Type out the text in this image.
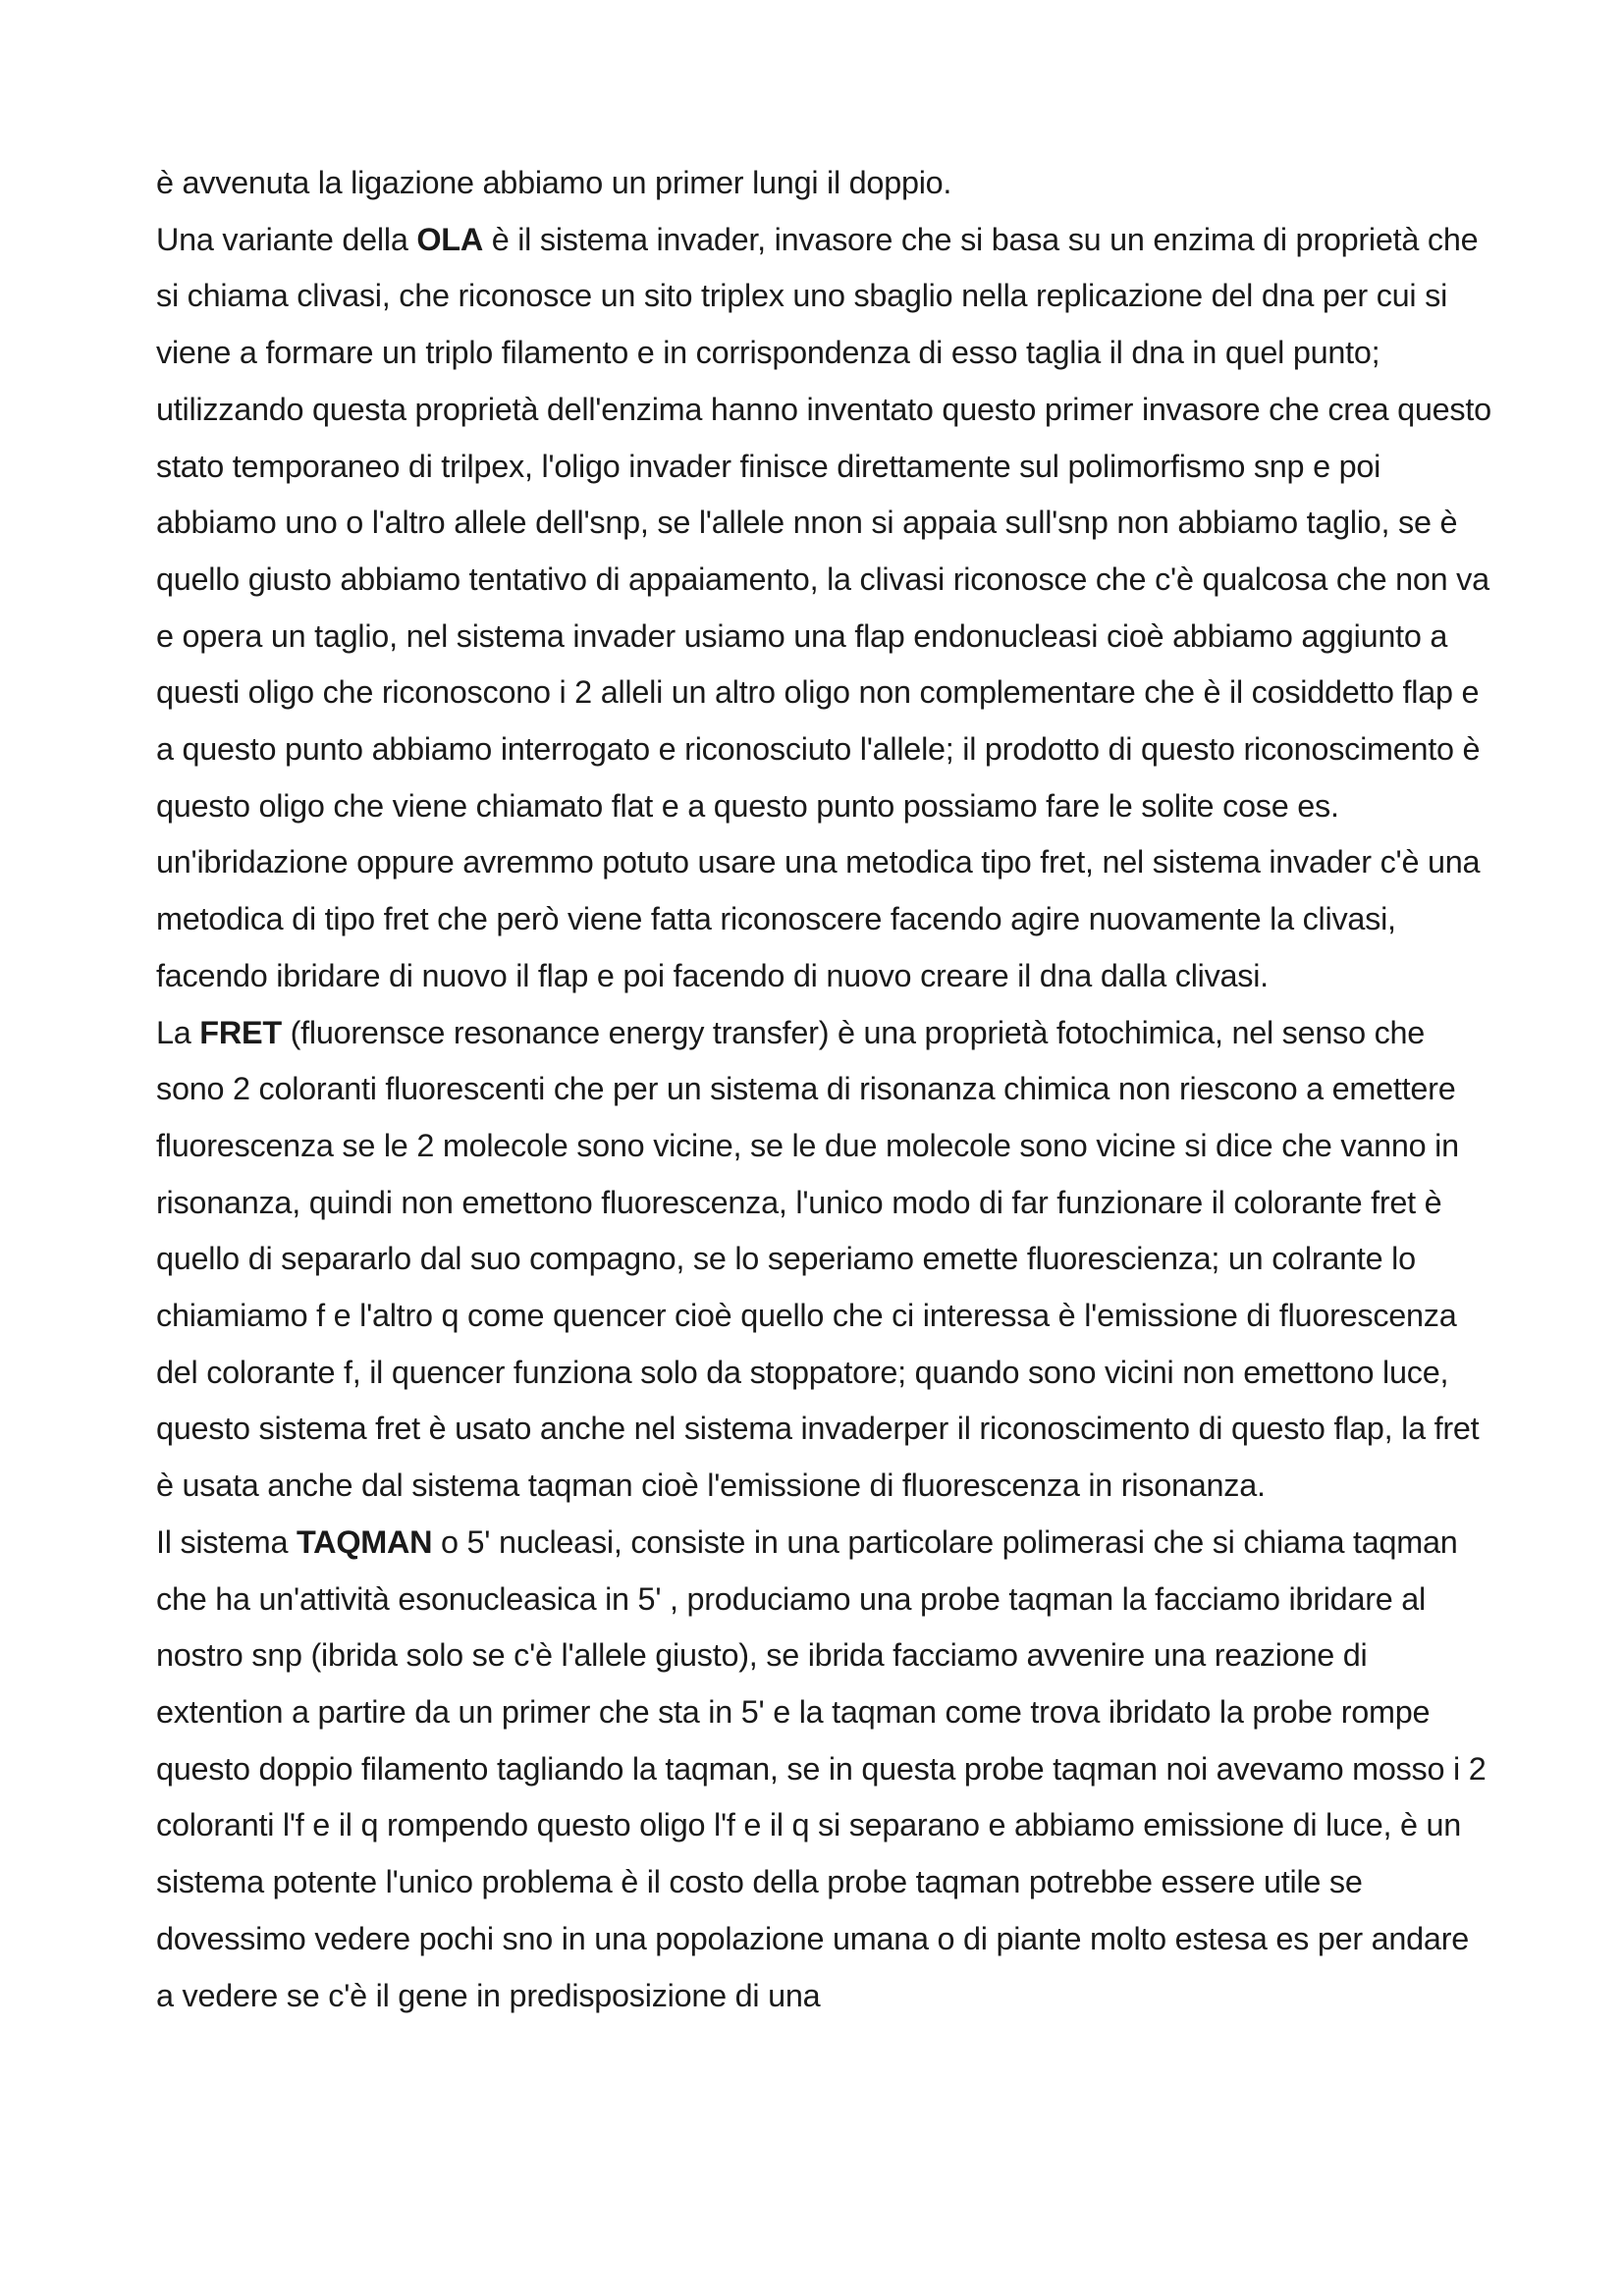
è avvenuta la ligazione abbiamo un primer lungi il doppio.

Una variante della OLA è il sistema invader, invasore che si basa su un enzima di proprietà che si chiama clivasi, che riconosce un sito triplex uno sbaglio nella replicazione del dna per cui si viene a formare un triplo filamento e in corrispondenza di esso taglia il dna in quel punto; utilizzando questa proprietà dell'enzima hanno inventato questo primer invasore che crea questo stato temporaneo di trilpex, l'oligo invader finisce direttamente sul polimorfismo snp e poi abbiamo uno o l'altro allele dell'snp, se l'allele nnon si appaia sull'snp non abbiamo taglio, se è quello giusto abbiamo tentativo di appaiamento, la clivasi riconosce che c'è qualcosa che non va e opera un taglio, nel sistema invader usiamo una flap endonucleasi cioè abbiamo aggiunto a questi oligo che riconoscono i 2 alleli un altro oligo non complementare che è il cosiddetto flap e a questo punto abbiamo interrogato e riconosciuto l'allele; il prodotto di questo riconoscimento è questo oligo che viene chiamato flat e a questo punto possiamo fare le solite cose es. un'ibridazione oppure avremmo potuto usare una metodica tipo fret, nel sistema invader c'è una metodica di tipo fret che però viene fatta riconoscere facendo agire nuovamente la clivasi, facendo ibridare di nuovo il flap e poi facendo di nuovo creare il dna dalla clivasi.

La FRET (fluorensce resonance energy transfer) è una proprietà fotochimica, nel senso che sono 2 coloranti fluorescenti che per un sistema di risonanza chimica non riescono a emettere fluorescenza se le 2 molecole sono vicine, se le due molecole sono vicine si dice che vanno in risonanza, quindi non emettono fluorescenza, l'unico modo di far funzionare il colorante fret è quello di separarlo dal suo compagno, se lo seperiamo emette fluorescienza; un colrante lo chiamiamo f e l'altro q come quencer cioè quello che ci interessa è l'emissione di fluorescenza del colorante f, il quencer funziona solo da stoppatore; quando sono vicini non emettono luce, questo sistema fret è usato anche nel sistema invaderper il riconoscimento di questo flap, la fret è usata anche dal sistema taqman cioè l'emissione di fluorescenza in risonanza.

Il sistema TAQMAN o 5' nucleasi, consiste in una particolare polimerasi che si chiama taqman che ha un'attività esonucleasica in 5' , produciamo una probe taqman la facciamo ibridare al nostro snp (ibrida solo se c'è l'allele giusto), se ibrida facciamo avvenire una reazione di extention a partire da un primer che sta in 5' e la taqman come trova ibridato la probe rompe questo doppio filamento tagliando la taqman, se in questa probe taqman noi avevamo mosso i 2 coloranti l'f e il q rompendo questo oligo l'f e il q si separano e abbiamo emissione di luce, è un sistema potente l'unico problema è il costo della probe taqman potrebbe essere utile se dovessimo vedere pochi sno in una popolazione umana o di piante molto estesa es per andare a vedere se c'è il gene in predisposizione di una
